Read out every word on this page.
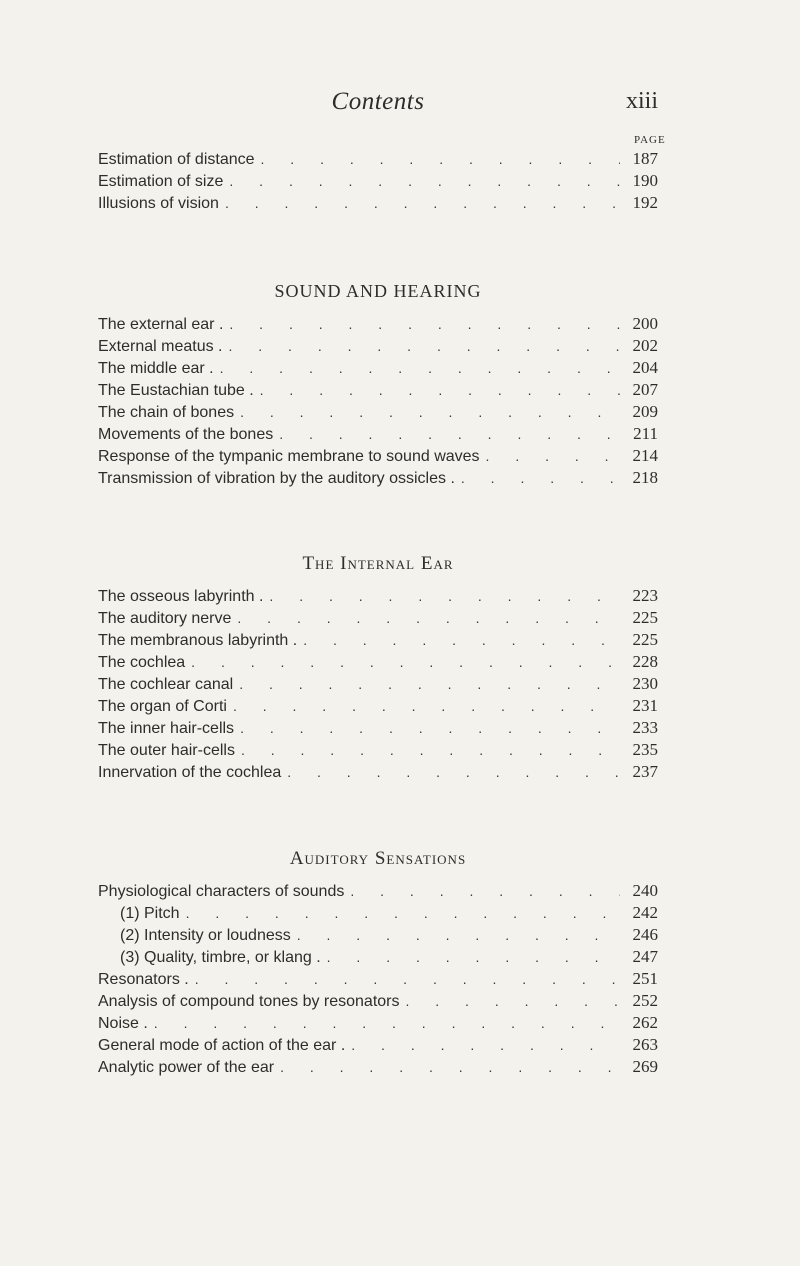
Contents	xiii
PAGE
Estimation of distance . . .	187
Estimation of size . . .	190
Illusions of vision . . .	192
SOUND AND HEARING
The external ear . . . .	200
External meatus . . . .	202
The middle ear . . . .	204
The Eustachian tube . . . .	207
The chain of bones . . .	209
Movements of the bones . . .	211
Response of the tympanic membrane to sound waves . . .	214
Transmission of vibration by the auditory ossicles . . . .	218
The Internal Ear
The osseous labyrinth . . . .	223
The auditory nerve . . .	225
The membranous labyrinth . . . .	225
The cochlea . . .	228
The cochlear canal . . .	230
The organ of Corti . . .	231
The inner hair-cells . . .	233
The outer hair-cells . . .	235
Innervation of the cochlea . . .	237
Auditory Sensations
Physiological characters of sounds . . .	240
(1) Pitch . . .	242
(2) Intensity or loudness . . .	246
(3) Quality, timbre, or klang . . . .	247
Resonators . . . .	251
Analysis of compound tones by resonators . . .	252
Noise . . . .	262
General mode of action of the ear . . . .	263
Analytic power of the ear . . .	269
